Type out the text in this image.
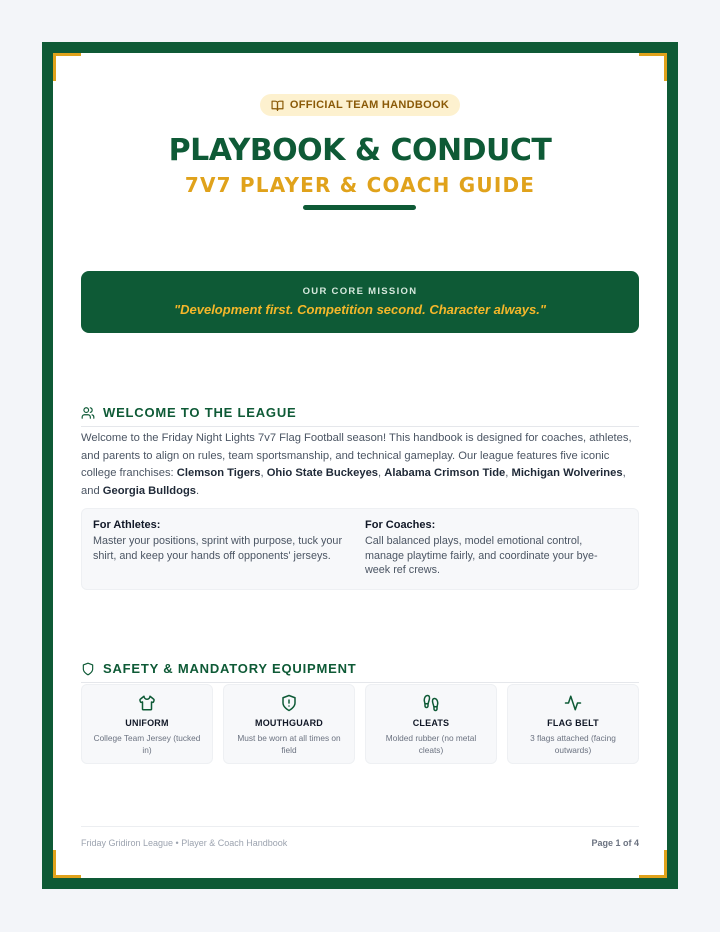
OFFICIAL TEAM HANDBOOK
PLAYBOOK & CONDUCT
7V7 PLAYER & COACH GUIDE
OUR CORE MISSION
"Development first. Competition second. Character always."
WELCOME TO THE LEAGUE
Welcome to the Friday Night Lights 7v7 Flag Football season! This handbook is designed for coaches, athletes, and parents to align on rules, team sportsmanship, and technical gameplay. Our league features five iconic college franchises: Clemson Tigers, Ohio State Buckeyes, Alabama Crimson Tide, Michigan Wolverines, and Georgia Bulldogs.
For Athletes:
Master your positions, sprint with purpose, tuck your shirt, and keep your hands off opponents' jerseys.
For Coaches:
Call balanced plays, model emotional control, manage playtime fairly, and coordinate your bye-week ref crews.
SAFETY & MANDATORY EQUIPMENT
UNIFORM
College Team Jersey (tucked in)
MOUTHGUARD
Must be worn at all times on field
CLEATS
Molded rubber (no metal cleats)
FLAG BELT
3 flags attached (facing outwards)
Friday Gridiron League • Player & Coach Handbook	Page 1 of 4
